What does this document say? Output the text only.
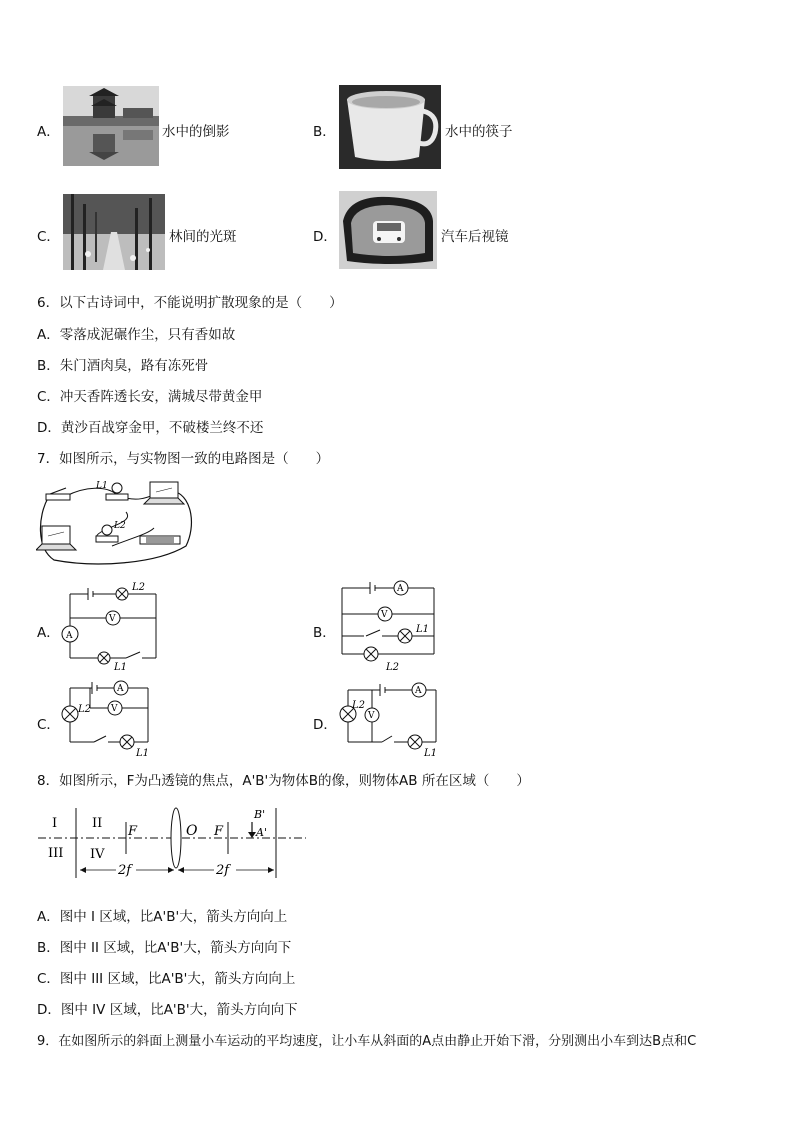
A．	水中的倒影	B．	水中的筷子
C．	林间的光斑	D．	汽车后视镜
6．以下古诗词中，不能说明扩散现象的是（　　）
A．零落成泥碾作尘，只有香如故
B．朱门酒肉臭，路有冻死骨
C．冲天香阵透长安，满城尽带黄金甲
D．黄沙百战穿金甲，不破楼兰终不还
7．如图所示，与实物图一致的电路图是（　　）
L1
L2
A． A
V
L2
L1
B．
A
V
L1
L2
C．
A
V
L2
L1
D．
A
V
L2
L1
8．如图所示，F为凸透镜的焦点，A'B'为物体B的像，则物体AB 所在区域（　　）
I	II
III IV
F	O F
B'
A'
2f	2f
A．图中 I 区域，比A'B'大，箭头方向向上
B．图中 II 区域，比A'B'大，箭头方向向下
C．图中 III 区域，比A'B'大，箭头方向向上
D．图中 IV 区域，比A'B'大，箭头方向向下
9．在如图所示的斜面上测量小车运动的平均速度，让小车从斜面的A点由静止开始下滑，分别测出小车到达B点和C
